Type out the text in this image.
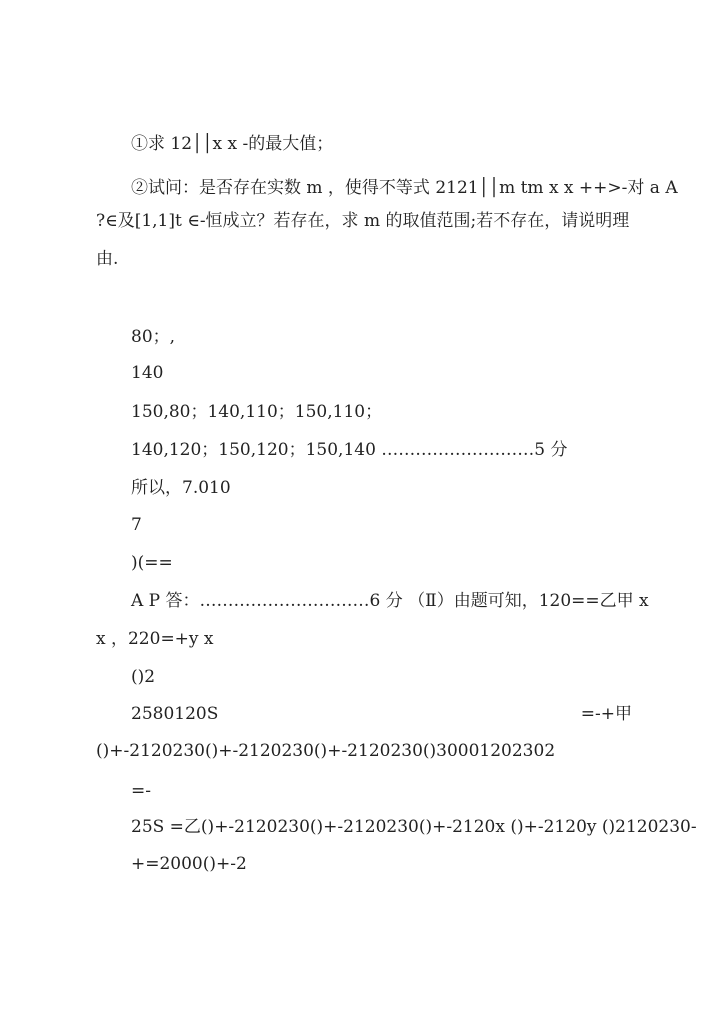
①求 12││x x -的最大值；
②试问：是否存在实数 m ，使得不等式 2121││m tm x x ++>-对 a A
?∈及[1,1]t ∈-恒成立？若存在，求 m 的取值范围;若不存在，请说明理
由.
80；,
140
150,80；140,110；150,110；
140,120；150,120；150,140 ………………………5 分
所以，7.010
7
)(==
A P 答：…………………………6 分 （Ⅱ）由题可知，120==乙甲 x
x ，220=+y x
()2
2580120S	=-+甲
()+-2120230()+-2120230()+-2120230()30001202302
=-
25S =乙()+-2120230()+-2120230()+-2120x ()+-2120y ()2120230-
+=2000()+-2
